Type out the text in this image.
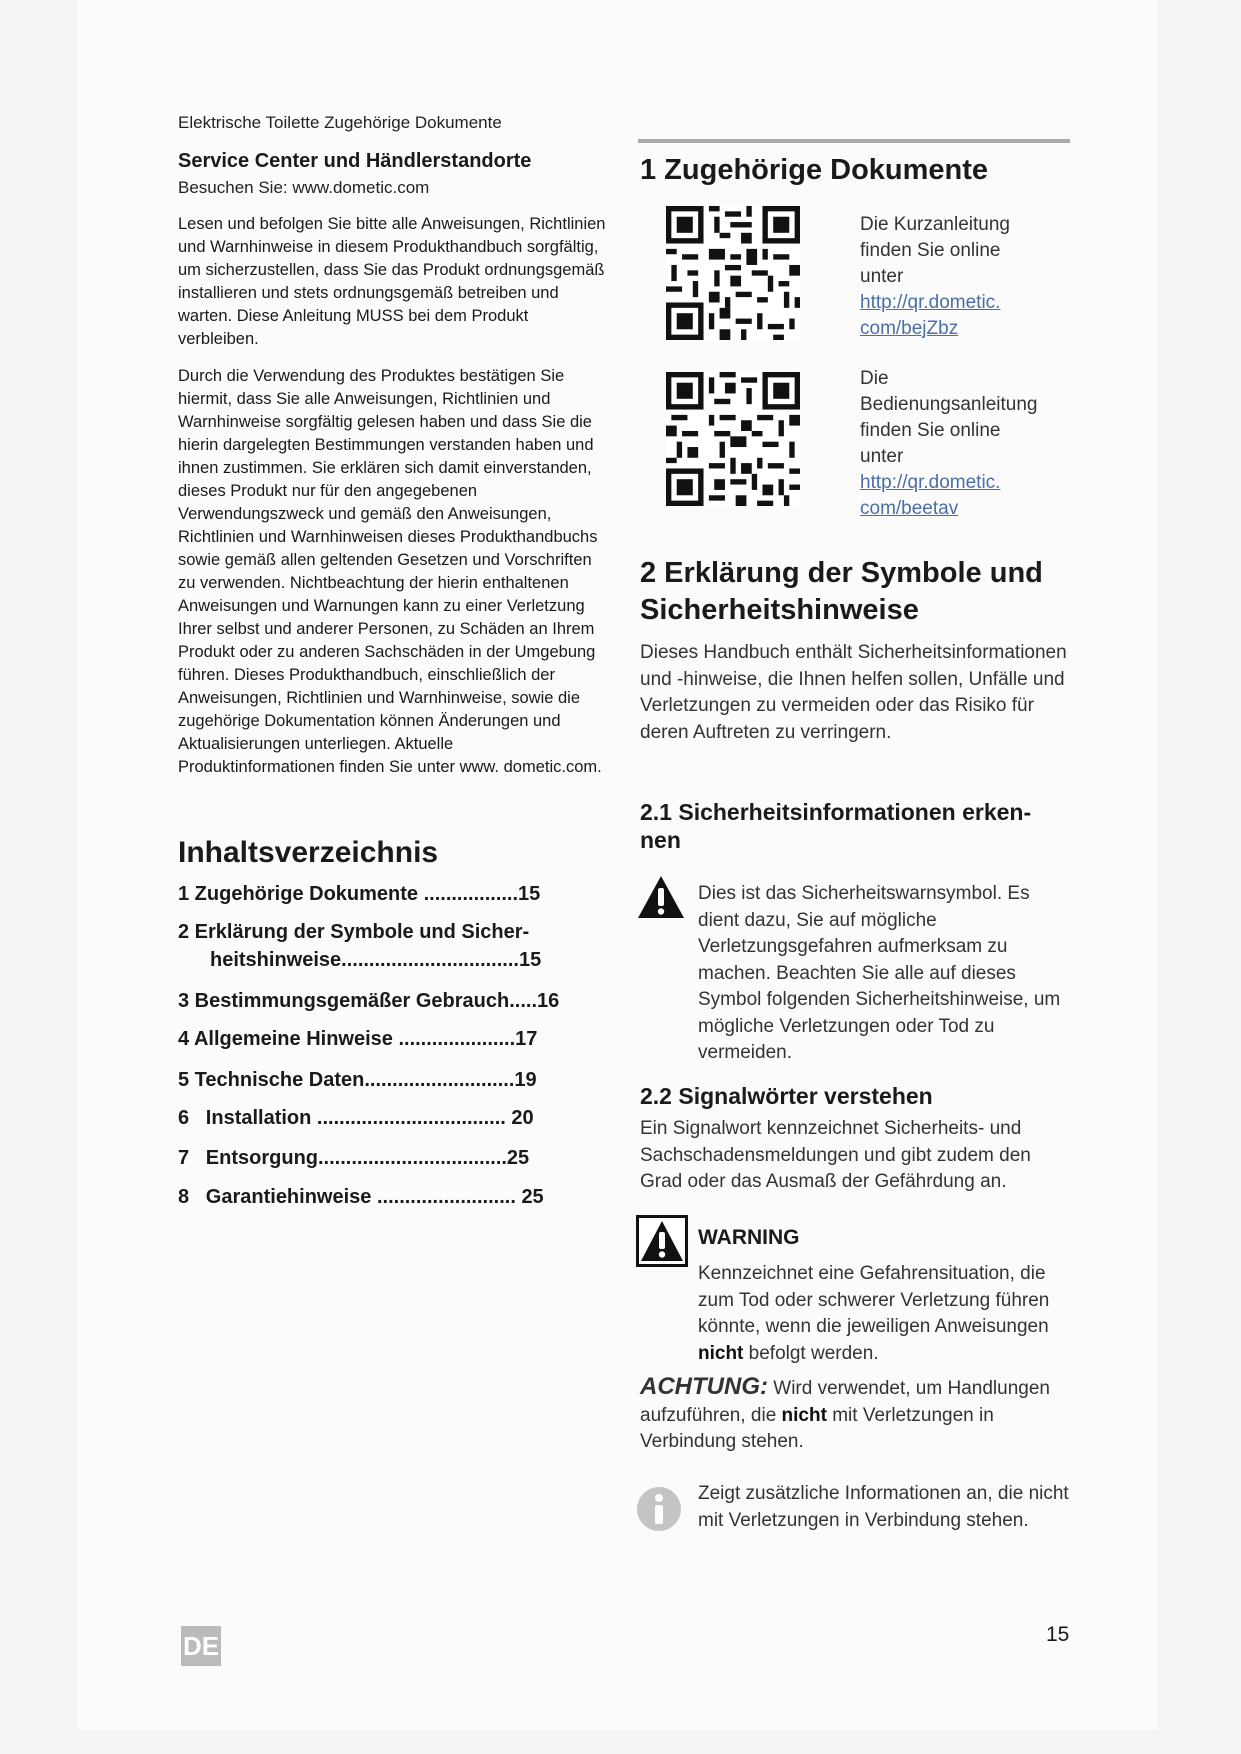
Elektrische Toilette Zugehörige Dokumente
Service Center und Händlerstandorte
Besuchen Sie: www.dometic.com

Lesen und befolgen Sie bitte alle Anweisungen, Richtlinien und Warnhinweise in diesem Produkthandbuch sorgfältig, um sicherzustellen, dass Sie das Produkt ordnungsgemäß installieren und stets ordnungsgemäß betreiben und warten. Diese Anleitung MUSS bei dem Produkt verbleiben.

Durch die Verwendung des Produktes bestätigen Sie hiermit, dass Sie alle Anweisungen, Richtlinien und Warnhinweise sorgfältig gelesen haben und dass Sie die hierin dargelegten Bestimmungen verstanden haben und ihnen zustimmen. Sie erklären sich damit einverstanden, dieses Produkt nur für den angegebenen Verwendungszweck und gemäß den Anweisungen, Richtlinien und Warnhinweisen dieses Produkthandbuchs sowie gemäß allen geltenden Gesetzen und Vorschriften zu verwenden. Nichtbeachtung der hierin enthaltenen Anweisungen und Warnungen kann zu einer Verletzung Ihrer selbst und anderer Personen, zu Schäden an Ihrem Produkt oder zu anderen Sachschäden in der Umgebung führen. Dieses Produkthandbuch, einschließlich der Anweisungen, Richtlinien und Warnhinweise, sowie die zugehörige Dokumentation können Änderungen und Aktualisierungen unterliegen. Aktuelle Produktinformationen finden Sie unter www. dometic.com.

Inhaltsverzeichnis
1 Zugehörige Dokumente .................15
2 Erklärung der Symbole und Sicher-
heitshinweise................................15
3 Bestimmungsgemäßer Gebrauch.....16
4 Allgemeine Hinweise .....................17
5 Technische Daten...........................19
6   Installation .................................. 20
7   Entsorgung..................................25
8   Garantiehinweise ......................... 25
1 Zugehörige Dokumente
Die Kurzanleitung
finden Sie online
unter
http://qr.dometic.
com/bejZbz
Die
Bedienungsanleitung
finden Sie online
unter
http://qr.dometic.
com/beetav
2 Erklärung der Symbole und
Sicherheitshinweise

Dieses Handbuch enthält Sicherheitsinformationen und -hinweise, die Ihnen helfen sollen, Unfälle und Verletzungen zu vermeiden oder das Risiko für deren Auftreten zu verringern.

2.1 Sicherheitsinformationen erken-
nen

Dies ist das Sicherheitswarnsymbol. Es dient dazu, Sie auf mögliche Verletzungsgefahren aufmerksam zu machen. Beachten Sie alle auf dieses Symbol folgenden Sicherheitshinweise, um mögliche Verletzungen oder Tod zu vermeiden.

2.2 Signalwörter verstehen

Ein Signalwort kennzeichnet Sicherheits- und Sachschadensmeldungen und gibt zudem den Grad oder das Ausmaß der Gefährdung an.

WARNING

Kennzeichnet eine Gefahrensituation, die zum Tod oder schwerer Verletzung führen könnte, wenn die jeweiligen Anweisungen nicht befolgt werden.

ACHTUNG: Wird verwendet, um Handlungen aufzuführen, die nicht mit Verletzungen in Verbindung stehen.

Zeigt zusätzliche Informationen an, die nicht mit Verletzungen in Verbindung stehen.

DE	15
